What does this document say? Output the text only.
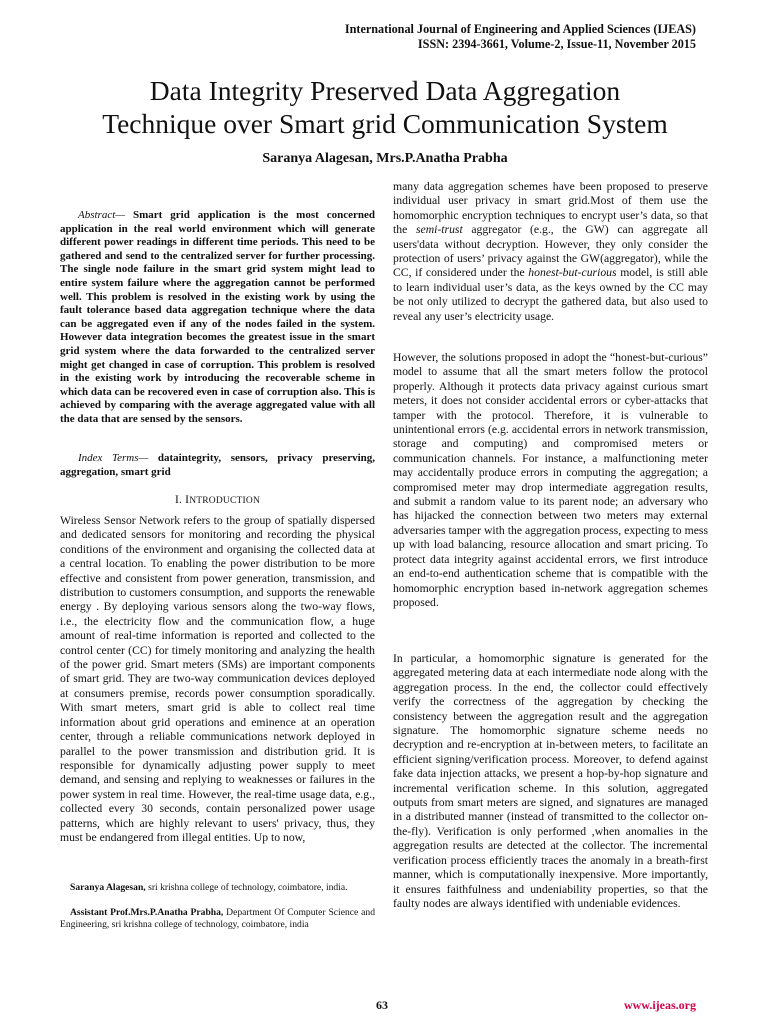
International Journal of Engineering and Applied Sciences (IJEAS)
ISSN: 2394-3661, Volume-2, Issue-11, November 2015
Data Integrity Preserved Data Aggregation
Technique over Smart grid Communication System
Saranya Alagesan, Mrs.P.Anatha Prabha

Abstract— Smart grid application is the most concerned application in the real world environment which will generate different power readings in different time periods. This need to be gathered and send to the centralized server for further processing. The single node failure in the smart grid system might lead to entire system failure where the aggregation cannot be performed well. This problem is resolved in the existing work by using the fault tolerance based data aggregation technique where the data can be aggregated even if any of the nodes failed in the system. However data integration becomes the greatest issue in the smart grid system where the data forwarded to the centralized server might get changed in case of corruption. This problem is resolved in the existing work by introducing the recoverable scheme in which data can be recovered even in case of corruption also. This is achieved by comparing with the average aggregated value with all the data that are sensed by the sensors.

Index Terms— dataintegrity, sensors, privacy preserving, aggregation, smart grid

I. INTRODUCTION

Wireless Sensor Network refers to the group of spatially dispersed and dedicated sensors for monitoring and recording the physical conditions of the environment and organising the collected data at a central location. To enabling the power distribution to be more effective and consistent from power generation, transmission, and distribution to customers consumption, and supports the renewable energy . By deploying various sensors along the two-way flows, i.e., the electricity flow and the communication flow, a huge amount of real-time information is reported and collected to the control center (CC) for timely monitoring and analyzing the health of the power grid. Smart meters (SMs) are important components of smart grid. They are two-way communication devices deployed at consumers premise, records power consumption sporadically. With smart meters, smart grid is able to collect real time information about grid operations and eminence at an operation center, through a reliable communications network deployed in parallel to the power transmission and distribution grid. It is responsible for dynamically adjusting power supply to meet demand, and sensing and replying to weaknesses or failures in the power system in real time. However, the real-time usage data, e.g., collected every 30 seconds, contain personalized power usage patterns, which are highly relevant to users' privacy, thus, they must be endangered from illegal entities. Up to now,

Saranya Alagesan, sri krishna college of technology, coimbatore, india.

Assistant Prof.Mrs.P.Anatha Prabha, Department Of Computer Science and Engineering, sri krishna college of technology, coimbatore, india

many data aggregation schemes have been proposed to preserve individual user privacy in smart grid.Most of them use the homomorphic encryption techniques to encrypt user’s data, so that the semi-trust aggregator (e.g., the GW) can aggregate all users'data without decryption. However, they only consider the protection of users’ privacy against the GW(aggregator), while the CC, if considered under the honest-but-curious model, is still able to learn individual user’s data, as the keys owned by the CC may be not only utilized to decrypt the gathered data, but also used to reveal any user’s electricity usage.

However, the solutions proposed in adopt the “honest-but-curious” model to assume that all the smart meters follow the protocol properly. Although it protects data privacy against curious smart meters, it does not consider accidental errors or cyber-attacks that tamper with the protocol. Therefore, it is vulnerable to unintentional errors (e.g. accidental errors in network transmission, storage and computing) and compromised meters or communication channels. For instance, a malfunctioning meter may accidentally produce errors in computing the aggregation; a compromised meter may drop intermediate aggregation results, and submit a random value to its parent node; an adversary who has hijacked the connection between two meters may external adversaries tamper with the aggregation process, expecting to mess up with load balancing, resource allocation and smart pricing. To protect data integrity against accidental errors, we first introduce an end-to-end authentication scheme that is compatible with the homomorphic encryption based in-network aggregation schemes proposed.

In particular, a homomorphic signature is generated for the aggregated metering data at each intermediate node along with the aggregation process. In the end, the collector could effectively verify the correctness of the aggregation by checking the consistency between the aggregation result and the aggregation signature. The homomorphic signature scheme needs no decryption and re-encryption at in-between meters, to facilitate an efficient signing/verification process. Moreover, to defend against fake data injection attacks, we present a hop-by-hop signature and incremental verification scheme. In this solution, aggregated outputs from smart meters are signed, and signatures are managed in a distributed manner (instead of transmitted to the collector on-the-fly). Verification is only performed ,when anomalies in the aggregation results are detected at the collector. The incremental verification process efficiently traces the anomaly in a breath-first manner, which is computationally inexpensive. More importantly, it ensures faithfulness and undeniability properties, so that the faulty nodes are always identified with undeniable evidences.

63	www.ijeas.org
